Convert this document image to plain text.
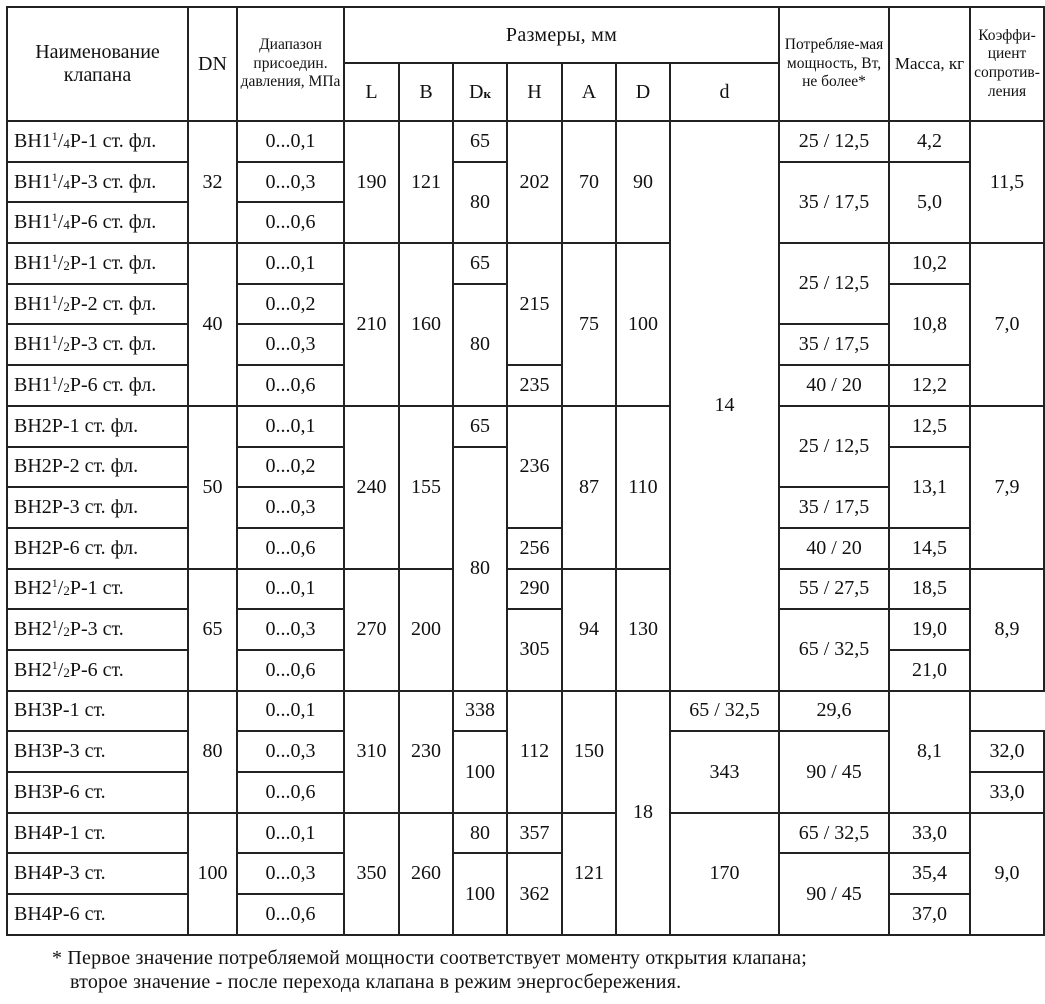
Наименование клапана	DN	Диапазон присоедин. давления, МПа	Размеры, мм							Потребляе-мая мощность, Вт, не более*	Масса, кг	Коэффи-циент сопротив-ления
			L	B	Dк	H	A	D	d			
$ВН1^1/_4Р-1$ ст. фл.	32	0...0,1	190	121	65	202	70	90	14	25 / 12,5	4,2	11,5
$ВН1^1/_4Р-3$ ст. фл.		0...0,3			80					35 / 17,5	5,0	
$ВН1^1/_4Р-6$ ст. фл.		0...0,6										
$ВН1^1/_2Р-1$ ст. фл.	40	0...0,1	210	160	65	215	75	100		25 / 12,5	10,2	7,0
$ВН1^1/_2Р-2$ ст. фл.		0...0,2			80						10,8	
$ВН1^1/_2Р-3$ ст. фл.		0...0,3								35 / 17,5		
$ВН1^1/_2Р-6$ ст. фл.		0...0,6				235				40 / 20	12,2	
ВН2Р-1 ст. фл.	50	0...0,1	240	155	65	236	87	110		25 / 12,5	12,5	7,9
ВН2Р-2 ст. фл.		0...0,2			80						13,1	
ВН2Р-3 ст. фл.		0...0,3								35 / 17,5		
ВН2Р-6 ст. фл.		0...0,6				256				40 / 20	14,5	
$ВН2^1/_2Р-1$ ст.	65	0...0,1	270	200		290	94	130		55 / 27,5	18,5	8,9
$ВН2^1/_2Р-3$ ст.		0...0,3				305				65 / 32,5	19,0	
$ВН2^1/_2Р-6$ ст.		0...0,6									21,0	
ВН3Р-1 ст.	80	0...0,1	310	230	338	112	150	18	65 / 32,5	29,6	8,1	
ВН3Р-3 ст.		0...0,3			100				343	90 / 45		32,0
ВН3Р-6 ст.		0...0,6										33,0
ВН4Р-1 ст.	100	0...0,1	350	260	80	357	121		170	65 / 32,5	33,0	9,0
ВН4Р-3 ст.		0...0,3			100	362				90 / 45	35,4	
ВН4Р-6 ст.		0...0,6									37,0	
* Первое значение потребляемой мощности соответствует моменту открытия клапана;
второе значение - после перехода клапана в режим энергосбережения.
